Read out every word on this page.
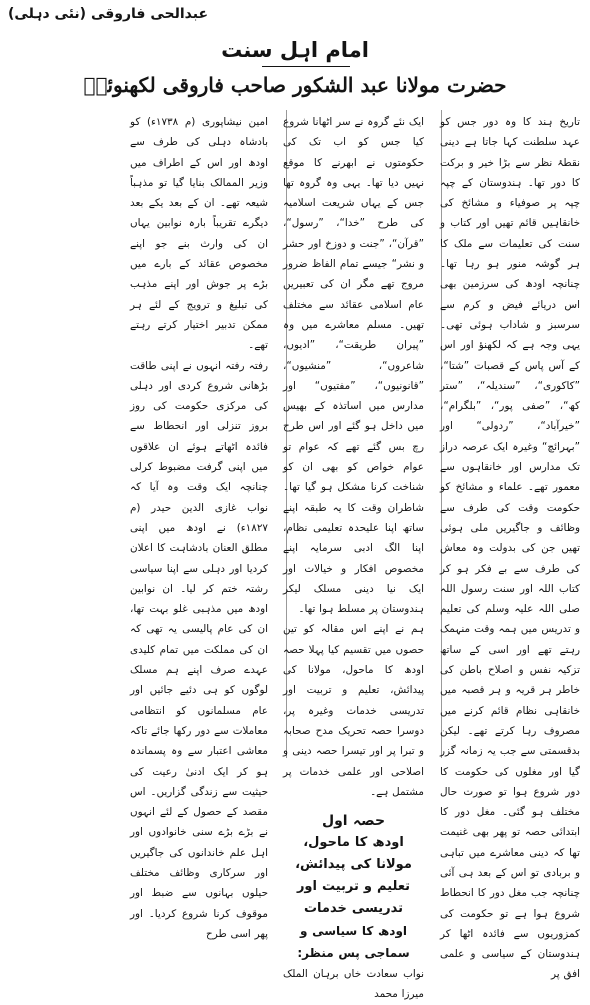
عبدالحی فاروقی (نئی دہلی)
امام اہل سنت
حضرت مولانا عبد الشکور صاحب فاروقی لکھنوئیؒ

تاریخ ہند کا وہ دور جس کو عہد سلطنت کہا جاتا ہے دینی نقطۂ نظر سے بڑا خیر و برکت کا دور تھا۔ ہندوستان کے چپہ چپہ پر صوفیاء و مشائخ کی خانقاہیں قائم تھیں اور کتاب و سنت کی تعلیمات سے ملک کا ہر گوشہ منور ہو رہا تھا۔ چنانچہ اودھ کی سرزمین بھی اس دریائے فیض و کرم سے سرسبز و شاداب ہوئی تھی۔ یہی وجہ ہے کہ لکھنؤ اور اس کے آس پاس کے قصبات ”شتا“، ”کاکوری“، ”سندیلہ“، ”ستر کھ“، ”صفی پور“، ”بلگرام“، ”خیرآباد“، ”ردولی“ اور ”بہرائچ“ وغیرہ ایک عرصہ دراز تک مدارس اور خانقاہوں سے معمور تھے۔ علماء و مشائخ کو حکومت وقت کی طرف سے وظائف و جاگیریں ملی ہوئی تھیں جن کی بدولت وہ معاش کی طرف سے بے فکر ہو کر کتاب اللہ اور سنت رسول اللہ صلی اللہ علیہ وسلم کی تعلیم و تدریس میں ہمہ وقت منہمک رہتے تھے اور اسی کے ساتھ تزکیہ نفس و اصلاح باطن کی خاطر ہر قریہ و ہر قصبہ میں خانقاہی نظام قائم کرنے میں مصروف رہا کرتے تھے۔ لیکن بدقسمتی سے جب یہ زمانہ گزر گیا اور مغلوں کی حکومت کا دور شروع ہوا تو صورت حال مختلف ہو گئی۔ مغل دور کا ابتدائی حصہ تو پھر بھی غنیمت تھا کہ دینی معاشرے میں تباہی و بربادی تو اس کے بعد ہی آئی چنانچہ جب مغل دور کا انحطاط شروع ہوا ہے تو حکومت کی کمزوریوں سے فائدہ اٹھا کر ہندوستان کے سیاسی و علمی افق پر

ایک نئے گروہ نے سر اٹھانا شروع کیا جس کو اب تک کی حکومتوں نے ابھرنے کا موقع نہیں دیا تھا۔ یہی وہ گروہ تھا جس کے یہاں شریعت اسلامیہ کی طرح ”خدا“، ”رسول“، ”قرآن“، ”جنت و دوزخ اور حشر و نشر“ جیسے تمام الفاظ ضرور مروج تھے مگر ان کی تعبیریں عام اسلامی عقائد سے مختلف تھیں۔ مسلم معاشرے میں وہ ”پیران طریقت“، ”ادیوں، شاعروں“، ”منشیوں“، ”قانونیوں“، ”مفتیوں“ اور مدارس میں اساتذہ کے بھیس میں داخل ہو گئے اور اس طرح رچ بس گئے تھے کہ عوام تو عوام خواص کو بھی ان کو شناخت کرنا مشکل ہو گیا تھا۔ شاطران وقت کا یہ طبقہ اپنے ساتھ اپنا علیحدہ تعلیمی نظام، اپنا الگ ادبی سرمایہ اپنے مخصوص افکار و خیالات اور ایک نیا دینی مسلک لیکر ہندوستان پر مسلط ہوا تھا۔

ہم نے اپنے اس مقالہ کو تین حصوں میں تقسیم کیا پہلا حصہ اودھ کا ماحول، مولانا کی پیدائش، تعلیم و تربیت اور تدریسی خدمات وغیرہ پر، دوسرا حصہ تحریک مدح صحابہ و تبرا پر اور تیسرا حصہ دینی و اصلاحی اور علمی خدمات پر مشتمل ہے۔

حصہ اول

اودھ کا ماحول، مولانا کی پیدائش،

تعلیم و تربیت اور تدریسی خدمات

اودھ کا سیاسی و سماجی پس منظر:

نواب سعادت خاں برہان الملک میرزا محمد

امین نیشاپوری (م ۱۷۳۸ء) کو بادشاہ دہلی کی طرف سے اودھ اور اس کے اطراف میں وزیر الممالک بنایا گیا تو مذہباً شیعہ تھے۔ ان کے بعد یکے بعد دیگرے تقریباً بارہ نوابین یہاں ان کی وارث بنے جو اپنے مخصوص عقائد کے بارے میں بڑے پر جوش اور اپنے مذہب کی تبلیغ و ترویج کے لئے ہر ممکن تدبیر اختیار کرتے رہتے تھے۔

رفتہ رفتہ انہوں نے اپنی طاقت بڑھانی شروع کردی اور دہلی کی مرکزی حکومت کی روز بروز تنزلی اور انحطاط سے فائدہ اٹھاتے ہوئے ان علاقوں میں اپنی گرفت مضبوط کرلی چنانچہ ایک وقت وہ آیا کہ نواب غازی الدین حیدر (م ۱۸۲۷ء) نے اودھ میں اپنی مطلق العنان بادشاہت کا اعلان کردیا اور دہلی سے اپنا سیاسی رشتہ ختم کر لیا۔ ان نوابین اودھ میں مذہبی غلو بہت تھا، ان کی عام پالیسی یہ تھی کہ ان کی مملکت میں تمام کلیدی عہدے صرف اپنے ہم مسلک لوگوں کو ہی دئیے جائیں اور عام مسلمانوں کو انتظامی معاملات سے دور رکھا جائے تاکہ معاشی اعتبار سے وہ پسماندہ ہو کر ایک ادنیٰ رعیت کی حیثیت سے زندگی گزاریں۔ اس مقصد کے حصول کے لئے انہوں نے بڑے بڑے سنی خانوادوں اور اہل علم خاندانوں کی جاگیریں اور سرکاری وظائف مختلف حیلوں بہانوں سے ضبط اور موقوف کرنا شروع کردیا۔ اور پھر اسی طرح
